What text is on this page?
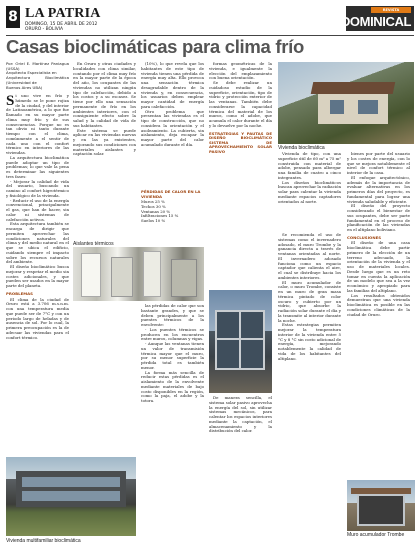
8 LA PATRIA
DOMINGO, 15 DE ABRIL DE 2012
ORURO - BOLIVIA
REVISTA
DOMINICAL
Casas bioclimáticas para clima frío
Por: Oriel E. Martínez Paniagua (USSA)
Arquitecto Especialista en
Arquitectura Bioclimática (Universidad de
Buenos Aires UBA)
S i uno vive en frío y húmedo se le pone rojiza de la ciudad, y del interior de Latinoamérica, a lo que fue llamado en su mayor parte clima muy frío y de sus consecuencias. Porque no es tan obvio ni tanto durante tiempo con el clima, comúnmente a el sentir de cada uno con el confort térmico en interiores de las viviendas.

La arquitectura bioclimática puede adoptar un tipo de problemas; lo que vale la pena es determinar las siguientes tres fases:

- Mejorar la calidad de vida del usuario, buscando un camino al confort higrotérmico y fisiológico de la vivienda.

- Reducir el uso de la energía convencional, principalmente el gas, que han de hacer, sin calor ni sistemas de calefacción activos.

Esta arquitectura también se encarga de dirigir que permiten aprovechar las condiciones naturales del clima y del medio natural en el que se ubica el edificio, cuidando siempre el impacto sobre los recursos naturales del ambiente.

El diseño bioclimático busca mejorar y respetar el medio sin costes adicionales, y que pueden ser usados en la mayor parte del planeta.

PROBLEMAS

El clima de la ciudad de Oruro está a 3.706 m.s.n.m. con una temperatura media que puede ser de 7°C y con un periodo largo de heladas y de ausencia de sol. Por lo cual, la primera preocupación es la de adecuar las viviendas para el confort térmico.

En Oruro y otras ciudades y localidades con clima similar, contando por el clima muy frío en la mayor parte de la época del año, los ocupantes de las viviendas no utilizan ningún tipo de calefacción, debido a los costos y a su escasez. Se tiene por ello una sensación permanente de frío en los ambientes interiores, con el consiguiente efecto sobre la salud y la calidad de vida de sus habitantes.

Este sistema se puede aplicar en las viviendas nuevas y en las ya existentes, mejorando sus condiciones con materiales aislantes y captación solar.

(10%), lo que revela que los habitantes de este tipo de vivienda tienen una pérdida de energía muy alta. Ello provoca una sensación térmica desagradable dentro de la vivienda y, en consecuencia, los usuarios deben emplear mayor cantidad de energía para calefacción.

Otro problema que presentan las viviendas es el tipo de construcción, que no considera la orientación y el asoleamiento. La cubierta, sin aislamiento, deja escapar la mayor parte del calor acumulado durante el día.

PÉRDIDAS DE CALOR EN LA VIVIENDA
Muros 25 %
Techos 30 %
Ventanas 20 %
Infiltraciones 15 %
Suelos 10 %

formas geométricas de la vivienda, e igualmente la elección del emplazamiento con buena orientación.

Se debe realizar un cuidadoso estudio de la superficie, orientación, tipo de vidrio y protección exterior de las ventanas. También debe considerarse la capacidad térmica del material de los muros, como el adobe, que acumula el calor durante el día y lo devuelve por la noche.

ESTRATEGIAS Y PAUTAS DE DISEÑO BIOCLIMÁTICO SISTEMA DE APROVECHAMIENTO SOLAR PASIVO	Vivienda de tipo, con una superficie útil de 60 m² a 75 m² construida con material de adobe, pensado para albergar una familia de cuatro a cinco integrantes.

Los diseños bioclimáticos buscan aprovechar la radiación solar para calentar la vivienda mediante espacios captadores orientados al norte.

bienes por parte del usuario y los costes de energía, con lo que se mejora notablemente el nivel de confort térmico al interior de la casa.

El enfoque arquitectónico, además de la importancia de evaluar alternativas en los primeros días del proyecto, es fundamental para lograr una vivienda saludable y eficiente.

El diseño del proyecto considerando el bienestar de sus ocupantes, debe ser parte fundamental en el proceso de planificación de las viviendas en el altiplano boliviano.

CONCLUSIONES

El diseño de una casa bioclimática debe partir primero de la elección de un terreno adecuado, la orientación de la vivienda y el uso de materiales locales. Desde luego que es un reto tomar en cuenta la aplicación de un modelo que sea a la vez económico y apropiado para las familias del altiplano.

Los resultados obtenidos demuestran que una vivienda bioclimática es posible en las condiciones climáticas de la ciudad de Oruro.

las pérdidas de calor que son bastante grandes, y que se deben principalmente a los puentes térmicos de la envolvente:

- Los puentes térmicos se producen en los encuentros entre muros, columnas y vigas.

- Aunque las ventanas tienen un valor de transmisión térmica mayor que el muro, por su menor superficie la pérdida total es también menor.

La forma más sencilla de reducir estas pérdidas es el aislamiento de la envolvente mediante materiales de bajo costo disponibles en la región, como la paja, el adobe y la totora.

De manera sencilla, el sistema solar pasivo aprovecha la energía del sol, sin utilizar sistemas mecánicos, para calentar los espacios interiores mediante la captación, el almacenamiento y la distribución del calor.

Se recomienda el uso de sistemas como el invernadero adosado, el muro Trombe y la ganancia directa a través de ventanas orientadas al norte. El invernadero adosado funciona como un espacio captador que calienta el aire, el cual se distribuye hacia los ambientes interiores.

El muro acumulador de calor, o muro Trombe, consiste en un muro de gran masa térmica pintado de color oscuro y cubierto por un vidrio, que absorbe la radiación solar durante el día y la transmite al interior durante la noche.

Estas estrategias permiten mejorar la temperatura interior de la vivienda entre 5 °C y 8 °C sin costo adicional de energía, mejorando notablemente la calidad de vida de los habitantes del altiplano.

Vivienda bioclimática
Aislantes térmicos
Vivienda multifamiliar bioclimática
Muro acumulador Trombe
